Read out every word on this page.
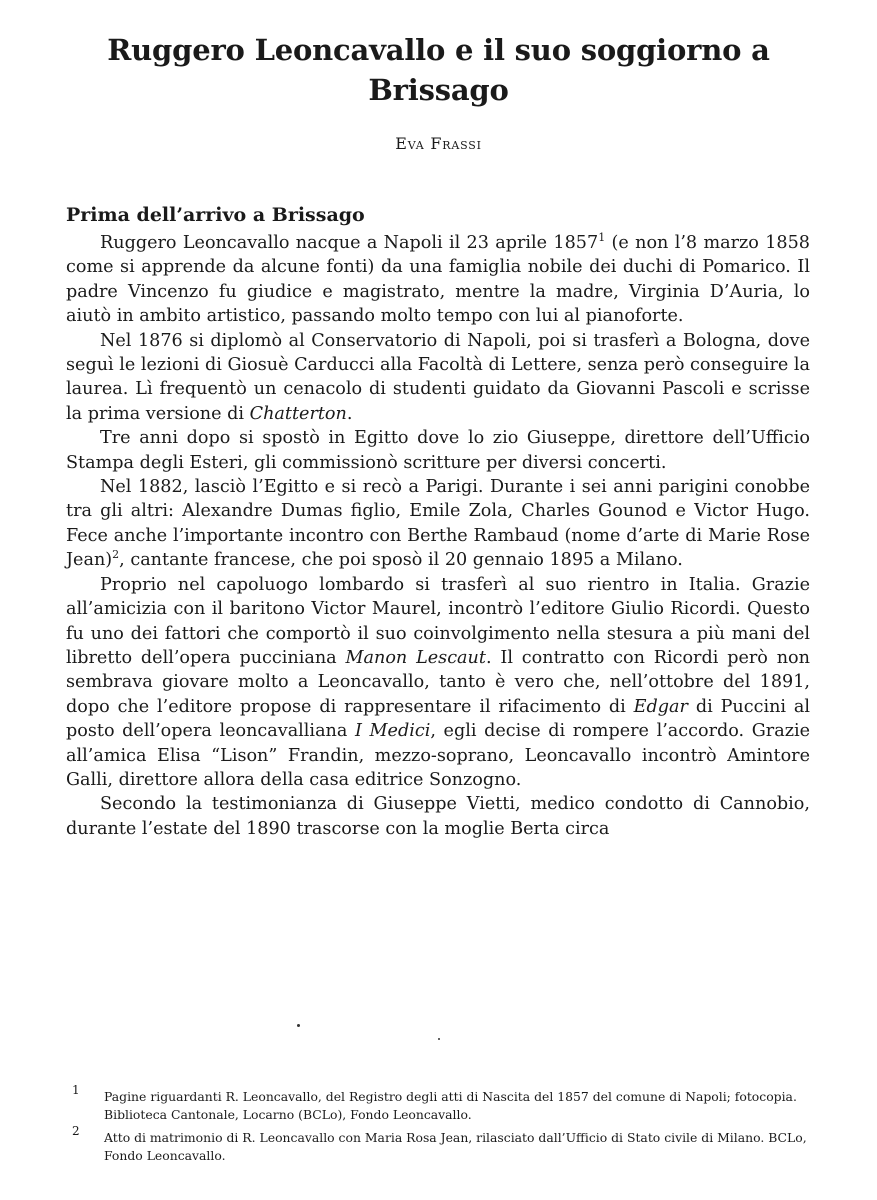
Ruggero Leoncavallo e il suo soggiorno a Brissago
Eva Frassi
Prima dell’arrivo a Brissago

Ruggero Leoncavallo nacque a Napoli il 23 aprile 1857$^1$ (e non l’8 marzo 1858 come si apprende da alcune fonti) da una famiglia nobile dei duchi di Pomarico. Il padre Vincenzo fu giudice e magistrato, mentre la madre, Virginia D’Auria, lo aiutò in ambito artistico, passando molto tempo con lui al pianoforte.

Nel 1876 si diplomò al Conservatorio di Napoli, poi si trasferì a Bologna, dove seguì le lezioni di Giosuè Carducci alla Facoltà di Lettere, senza però conseguire la laurea. Lì frequentò un cenacolo di studenti guidato da Giovanni Pascoli e scrisse la prima versione di Chatterton.

Tre anni dopo si spostò in Egitto dove lo zio Giuseppe, direttore dell’Ufficio Stampa degli Esteri, gli commissionò scritture per diversi concerti.

Nel 1882, lasciò l’Egitto e si recò a Parigi. Durante i sei anni parigini conobbe tra gli altri: Alexandre Dumas figlio, Emile Zola, Charles Gounod e Victor Hugo. Fece anche l’importante incontro con Berthe Rambaud (nome d’arte di Marie Rose Jean)$^2$, cantante francese, che poi sposò il 20 gennaio 1895 a Milano.

Proprio nel capoluogo lombardo si trasferì al suo rientro in Italia. Grazie all’amicizia con il baritono Victor Maurel, incontrò l’editore Giulio Ricordi. Questo fu uno dei fattori che comportò il suo coinvolgimento nella stesura a più mani del libretto dell’opera pucciniana Manon Lescaut. Il contratto con Ricordi però non sembrava giovare molto a Leoncavallo, tanto è vero che, nell’ottobre del 1891, dopo che l’editore propose di rappresentare il rifacimento di Edgar di Puccini al posto dell’opera leoncavalliana I Medici, egli decise di rompere l’accordo. Grazie all’amica Elisa “Lison” Frandin, mezzo-soprano, Leoncavallo incontrò Amintore Galli, direttore allora della casa editrice Sonzogno.

Secondo la testimonianza di Giuseppe Vietti, medico condotto di Cannobio, durante l’estate del 1890 trascorse con la moglie Berta circa

1 Pagine riguardanti R. Leoncavallo, del Registro degli atti di Nascita del 1857 del comune di Napoli; fotocopia. Biblioteca Cantonale, Locarno (BCLo), Fondo Leoncavallo.
2 Atto di matrimonio di R. Leoncavallo con Maria Rosa Jean, rilasciato dall’Ufficio di Stato civile di Milano. BCLo, Fondo Leoncavallo.
